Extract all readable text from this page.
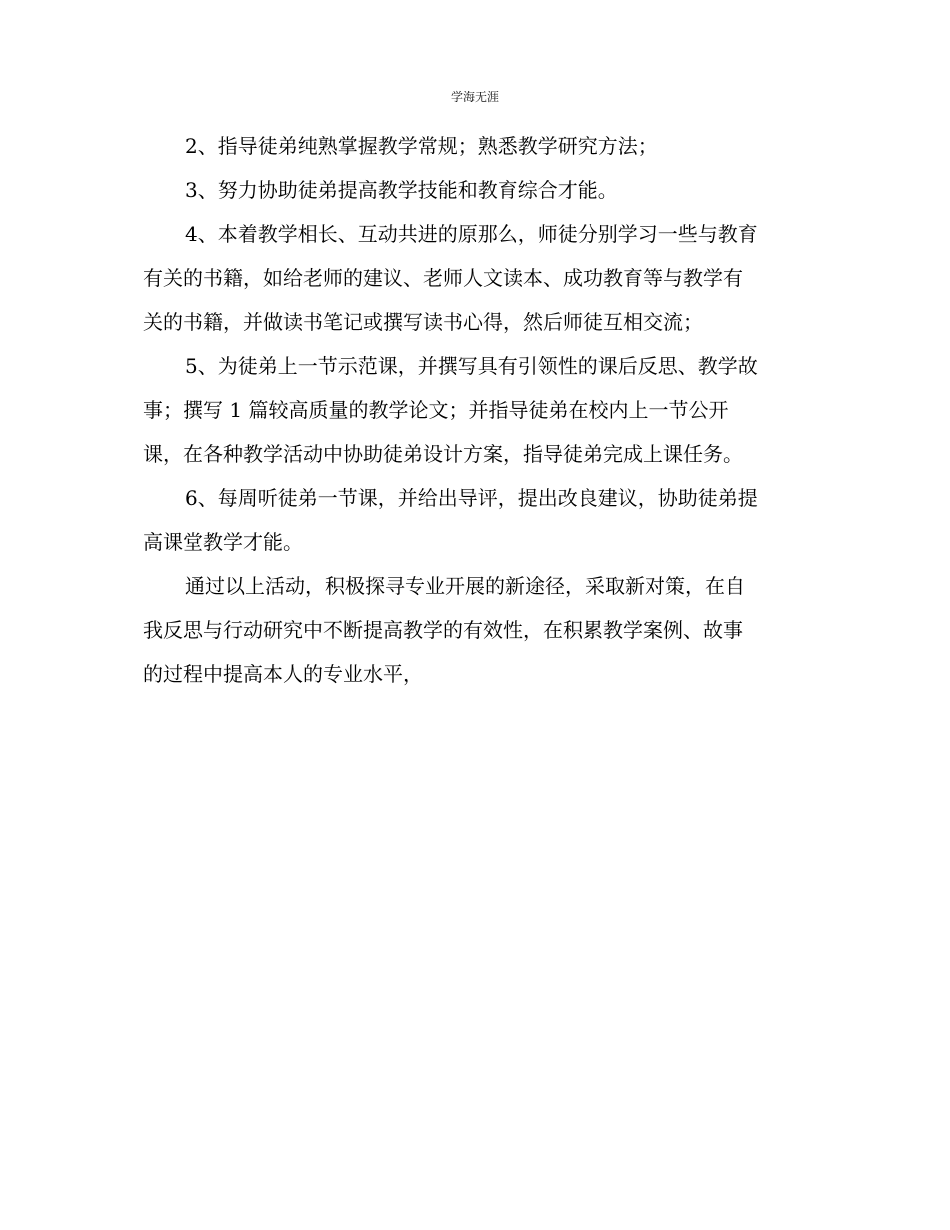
学海无涯
2、指导徒弟纯熟掌握教学常规；熟悉教学研究方法；
3、努力协助徒弟提高教学技能和教育综合才能。
4、本着教学相长、互动共进的原那么，师徒分别学习一些与教育
有关的书籍，如给老师的建议、老师人文读本、成功教育等与教学有
关的书籍，并做读书笔记或撰写读书心得，然后师徒互相交流；
5、为徒弟上一节示范课，并撰写具有引领性的课后反思、教学故
事；撰写 1 篇较高质量的教学论文；并指导徒弟在校内上一节公开
课，在各种教学活动中协助徒弟设计方案，指导徒弟完成上课任务。
6、每周听徒弟一节课，并给出导评，提出改良建议，协助徒弟提
高课堂教学才能。
通过以上活动，积极探寻专业开展的新途径，采取新对策，在自
我反思与行动研究中不断提高教学的有效性，在积累教学案例、故事
的过程中提高本人的专业水平，
